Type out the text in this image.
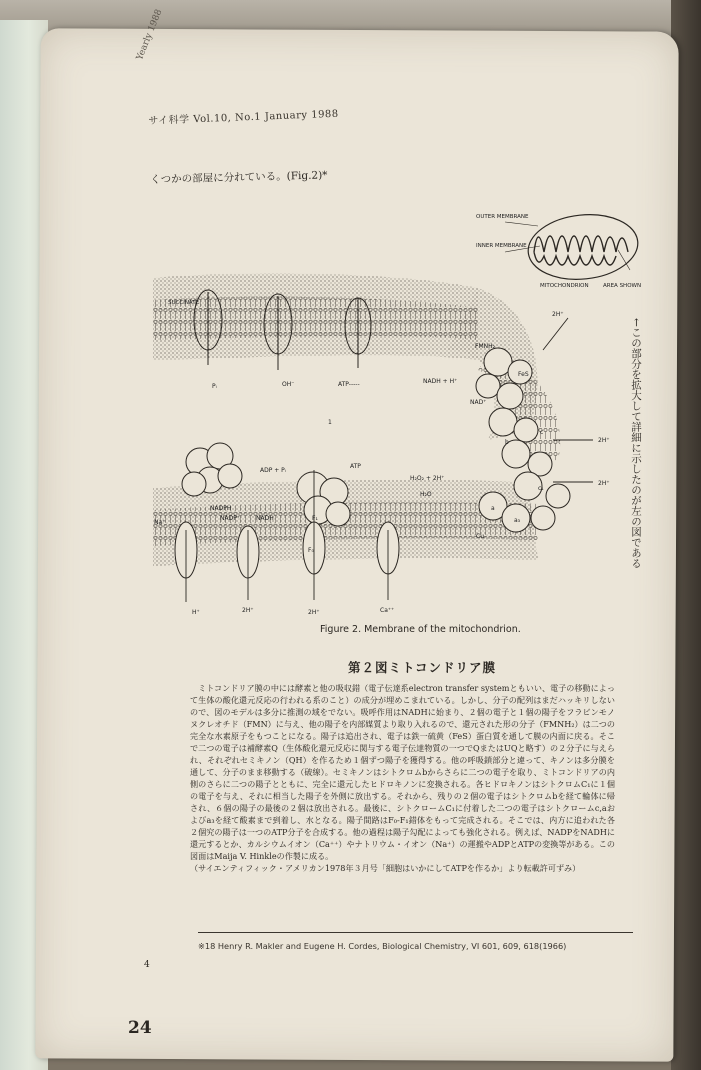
Yearly 1988
サイ科学 Vol.10, No.1 January 1988
くつかの部屋に分れている。(Fig.2)*
←この部分を拡大して詳細に示したのが左の図である
OUTER MEMBRANE
INNER MEMBRANE
MITOCHONDRION	AREA SHOWN
SUCCINATE
Pᵢ	OH⁻	ATP-----	NADH + H⁺
FMNH₂
FeS
NAD⁺
2H⁺
2H⁺
2H⁺
b
c₁
c
a
a₃
Cu
H₂O₂ + 2H⁺
H₂O
ADP + Pᵢ
ATP
NADPH
NADP⁺	NADH
Na⁺
H⁺	2H⁺	2H⁺	Ca⁺⁺
F₀
F₁
1
Figure 2. Membrane of the mitochondrion.
第２図ミトコンドリア膜

ミトコンドリア膜の中には酵素と他の吸収錯（電子伝達系electron transfer systemともいい、電子の移動によって生体の酸化還元反応の行われる系のこと）の成分が埋めこまれている。しかし、分子の配列はまだハッキリしないので、図のモデルは多分に推測の域をでない。吸呼作用はNADHに始まり、２個の電子と１個の陽子をフラビンモノヌクレオチド（FMN）に与え、他の陽子を内部媒質より取り入れるので、還元された形の分子（FMNH₂）は二つの完全な水素原子をもつことになる。陽子は追出され、電子は鉄一硫黄（FeS）蛋白質を通して膜の内面に戻る。そこで二つの電子は補酵素Q（生体酸化還元反応に関与する電子伝達物質の一つでQまたはUQと略す）の２分子に与えられ、それぞれセミキノン（QH）を作るため１個ずつ陽子を獲得する。他の呼吸鎖部分と違って、キノンは多分膜を通して、分子のまま移動する（破線）。セミキノンはシトクロムbからさらに二つの電子を取り、ミトコンドリアの内側のさらに二つの陽子とともに、完全に還元したヒドロキノンに変換される。各ヒドロキノンはシトクロムC₁に１個の電子を与え、それに相当した陽子を外側に放出する。それから、残りの２個の電子はシトクロムbを経て輪体に帰され、６個の陽子の最後の２個は放出される。最後に、シトクロームC₁に付着した二つの電子はシトクロームc,aおよびa₃を経て酸素まで到着し、水となる。陽子間路はF₀-F₁錯体をもって完成される。そこでは、内方に追われた各２個究の陽子は一つのATP分子を合成する。他の過程は陽子勾配によっても強化される。例えば、NADPをNADHに還元するとか、カルシウムイオン（Ca⁺⁺）やナトリウム・イオン（Na⁺）の運搬やADPとATPの変換等がある。この図面はMaija V. Hinkleの作製に成る。

（サイエンティフィック・アメリカン1978年３月号「細胞はいかにしてATPを作るか」より転載許可ずみ）

※18 Henry R. Makler and Eugene H. Cordes, Biological Chemistry, VI 601, 609, 618(1966)
4
24
